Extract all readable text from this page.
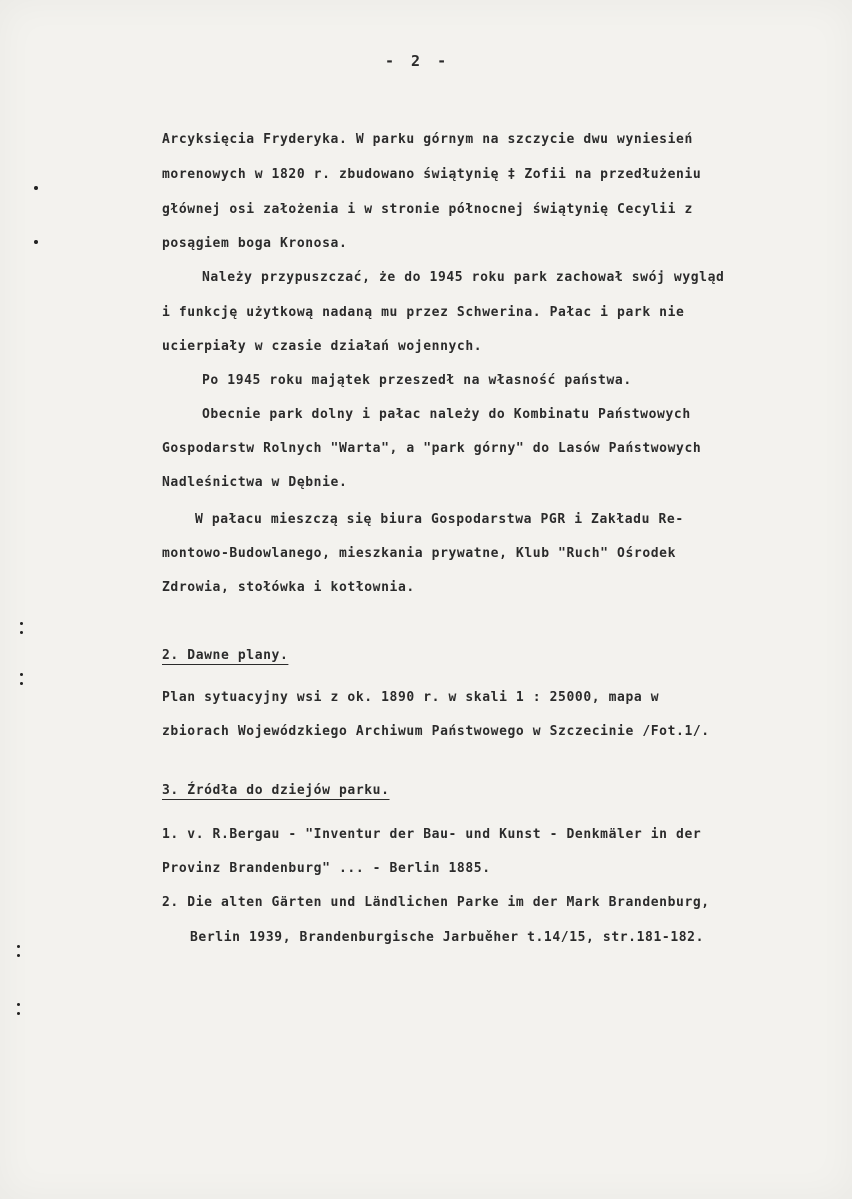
- 2 -
Arcyksięcia Fryderyka. W parku górnym na szczycie dwu wyniesień
morenowych w 1820 r. zbudowano świątynię ‡ Zofii na przedłużeniu
głównej osi założenia i w stronie północnej świątynię Cecylii z
posągiem boga Kronosa.
Należy przypuszczać, że do 1945 roku park zachował swój wygląd
i funkcję użytkową nadaną mu przez Schwerina. Pałac i park nie
ucierpiały w czasie działań wojennych.
Po 1945 roku majątek przeszedł na własność państwa.
Obecnie park dolny i pałac należy do Kombinatu Państwowych
Gospodarstw Rolnych "Warta", a "park górny" do Lasów Państwowych
Nadleśnictwa w Dębnie.
W pałacu mieszczą się biura Gospodarstwa PGR i Zakładu Re-
montowo-Budowlanego, mieszkania prywatne, Klub "Ruch" Ośrodek
Zdrowia, stołówka i kotłownia.
2. Dawne plany.
Plan sytuacyjny wsi z ok. 1890 r. w skali 1 : 25000, mapa w
zbiorach Wojewódzkiego Archiwum Państwowego w Szczecinie /Fot.1/.
3. Źródła do dziejów parku.
1. v. R.Bergau - "Inventur der Bau- und Kunst - Denkmäler in der
Provinz Brandenburg" ... - Berlin 1885.
2. Die alten Gärten und Ländlichen Parke im der Mark Brandenburg,
Berlin 1939, Brandenburgische Jarbuěher t.14/15, str.181-182.
